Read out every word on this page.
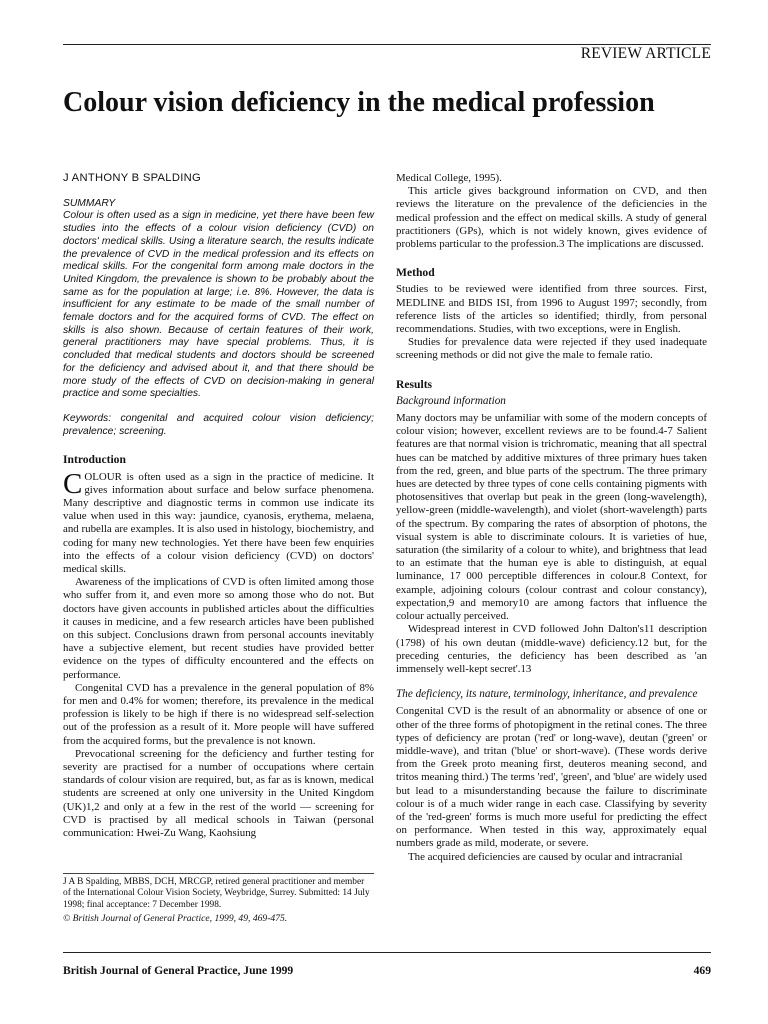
REVIEW ARTICLE
Colour vision deficiency in the medical profession

J ANTHONY B SPALDING

SUMMARY

Colour is often used as a sign in medicine, yet there have been few studies into the effects of a colour vision deficiency (CVD) on doctors' medical skills. Using a literature search, the results indicate the prevalence of CVD in the medical profession and its effects on medical skills. For the congenital form among male doctors in the United Kingdom, the prevalence is shown to be probably about the same as for the population at large; i.e. 8%. However, the data is insufficient for any estimate to be made of the small number of female doctors and for the acquired forms of CVD. The effect on skills is also shown. Because of certain features of their work, general practitioners may have special problems. Thus, it is concluded that medical students and doctors should be screened for the deficiency and advised about it, and that there should be more study of the effects of CVD on decision-making in general practice and some specialties.

Keywords: congenital and acquired colour vision deficiency; prevalence; screening.

Introduction

COLOUR is often used as a sign in the practice of medicine. It gives information about surface and below surface phenomena. Many descriptive and diagnostic terms in common use indicate its value when used in this way: jaundice, cyanosis, erythema, melaena, and rubella are examples. It is also used in histology, biochemistry, and coding for many new technologies. Yet there have been few enquiries into the effects of a colour vision deficiency (CVD) on doctors' medical skills.

Awareness of the implications of CVD is often limited among those who suffer from it, and even more so among those who do not. But doctors have given accounts in published articles about the difficulties it causes in medicine, and a few research articles have been published on this subject. Conclusions drawn from personal accounts inevitably have a subjective element, but recent studies have provided better evidence on the types of difficulty encountered and the effects on performance.

Congenital CVD has a prevalence in the general population of 8% for men and 0.4% for women; therefore, its prevalence in the medical profession is likely to be high if there is no widespread self-selection out of the profession as a result of it. More people will have suffered from the acquired forms, but the prevalence is not known.

Prevocational screening for the deficiency and further testing for severity are practised for a number of occupations where certain standards of colour vision are required, but, as far as is known, medical students are screened at only one university in the United Kingdom (UK)1,2 and only at a few in the rest of the world — screening for CVD is practised by all medical schools in Taiwan (personal communication: Hwei-Zu Wang, Kaohsiung

J A B Spalding, MBBS, DCH, MRCGP, retired general practitioner and member of the International Colour Vision Society, Weybridge, Surrey. Submitted: 14 July 1998; final acceptance: 7 December 1998.
© British Journal of General Practice, 1999, 49, 469-475.

Medical College, 1995).

This article gives background information on CVD, and then reviews the literature on the prevalence of the deficiencies in the medical profession and the effect on medical skills. A study of general practitioners (GPs), which is not widely known, gives evidence of problems particular to the profession.3 The implications are discussed.

Method

Studies to be reviewed were identified from three sources. First, MEDLINE and BIDS ISI, from 1996 to August 1997; secondly, from reference lists of the articles so identified; thirdly, from personal recommendations. Studies, with two exceptions, were in English.

Studies for prevalence data were rejected if they used inadequate screening methods or did not give the male to female ratio.

Results
Background information

Many doctors may be unfamiliar with some of the modern concepts of colour vision; however, excellent reviews are to be found.4-7 Salient features are that normal vision is trichromatic, meaning that all spectral hues can be matched by additive mixtures of three primary hues taken from the red, green, and blue parts of the spectrum. The three primary hues are detected by three types of cone cells containing pigments with photosensitives that overlap but peak in the green (long-wavelength), yellow-green (middle-wavelength), and violet (short-wavelength) parts of the spectrum. By comparing the rates of absorption of photons, the visual system is able to discriminate colours. It is varieties of hue, saturation (the similarity of a colour to white), and brightness that lead to an estimate that the human eye is able to distinguish, at equal luminance, 17 000 perceptible differences in colour.8 Context, for example, adjoining colours (colour contrast and colour constancy), expectation,9 and memory10 are among factors that influence the colour actually perceived.

Widespread interest in CVD followed John Dalton's11 description (1798) of his own deutan (middle-wave) deficiency.12 but, for the preceding centuries, the deficiency has been described as 'an immensely well-kept secret'.13

The deficiency, its nature, terminology, inheritance, and prevalence

Congenital CVD is the result of an abnormality or absence of one or other of the three forms of photopigment in the retinal cones. The three types of deficiency are protan ('red' or long-wave), deutan ('green' or middle-wave), and tritan ('blue' or short-wave). (These words derive from the Greek proto meaning first, deuteros meaning second, and tritos meaning third.) The terms 'red', 'green', and 'blue' are widely used but lead to a misunderstanding because the failure to discriminate colour is of a much wider range in each case. Classifying by severity of the 'red-green' forms is much more useful for predicting the effect on performance. When tested in this way, approximately equal numbers grade as mild, moderate, or severe.

The acquired deficiencies are caused by ocular and intracranial

British Journal of General Practice, June 1999	469
